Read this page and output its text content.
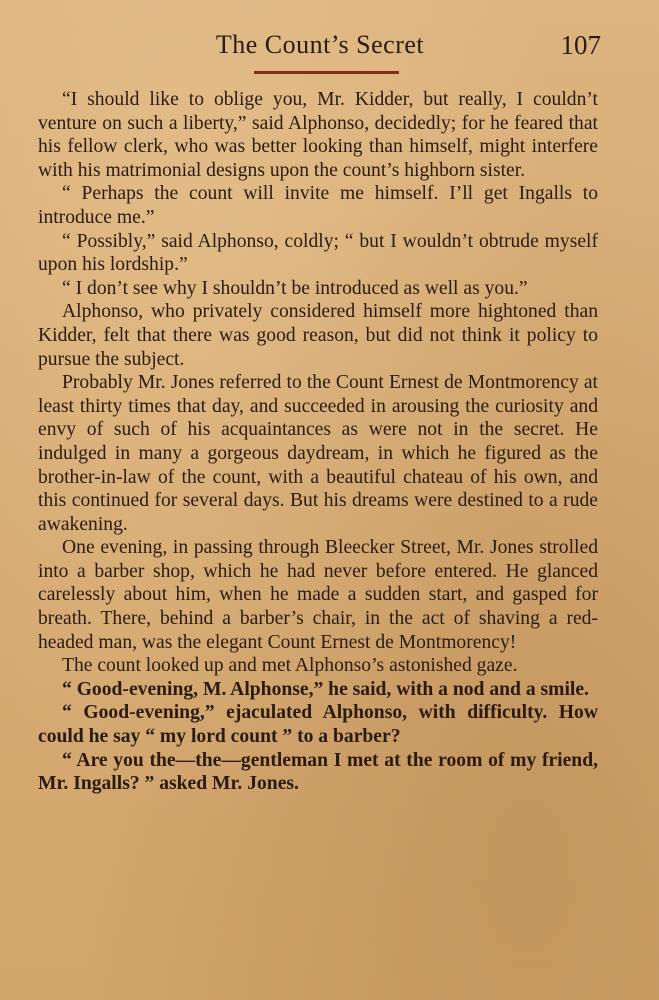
The Count’s Secret	107

“I should like to oblige you, Mr. Kidder, but really, I couldn’t venture on such a liberty,” said Alphonso, decidedly; for he feared that his fellow clerk, who was better looking than himself, might interfere with his matrimonial designs upon the count’s highborn sister.

“ Perhaps the count will invite me himself. I’ll get Ingalls to introduce me.”

“ Possibly,” said Alphonso, coldly; “ but I wouldn’t obtrude myself upon his lordship.”

“ I don’t see why I shouldn’t be introduced as well as you.”

Alphonso, who privately considered himself more hightoned than Kidder, felt that there was good reason, but did not think it policy to pursue the subject.

Probably Mr. Jones referred to the Count Ernest de Montmorency at least thirty times that day, and succeeded in arousing the curiosity and envy of such of his acquaintances as were not in the secret. He indulged in many a gorgeous daydream, in which he figured as the brother-in-law of the count, with a beautiful chateau of his own, and this continued for several days. But his dreams were destined to a rude awakening.

One evening, in passing through Bleecker Street, Mr. Jones strolled into a barber shop, which he had never before entered. He glanced carelessly about him, when he made a sudden start, and gasped for breath. There, behind a barber’s chair, in the act of shaving a red-headed man, was the elegant Count Ernest de Montmorency!

The count looked up and met Alphonso’s astonished gaze.

“ Good-evening, M. Alphonse,” he said, with a nod and a smile.

“ Good-evening,” ejaculated Alphonso, with difficulty. How could he say “ my lord count ” to a barber?

“ Are you the—the—gentleman I met at the room of my friend, Mr. Ingalls? ” asked Mr. Jones.
